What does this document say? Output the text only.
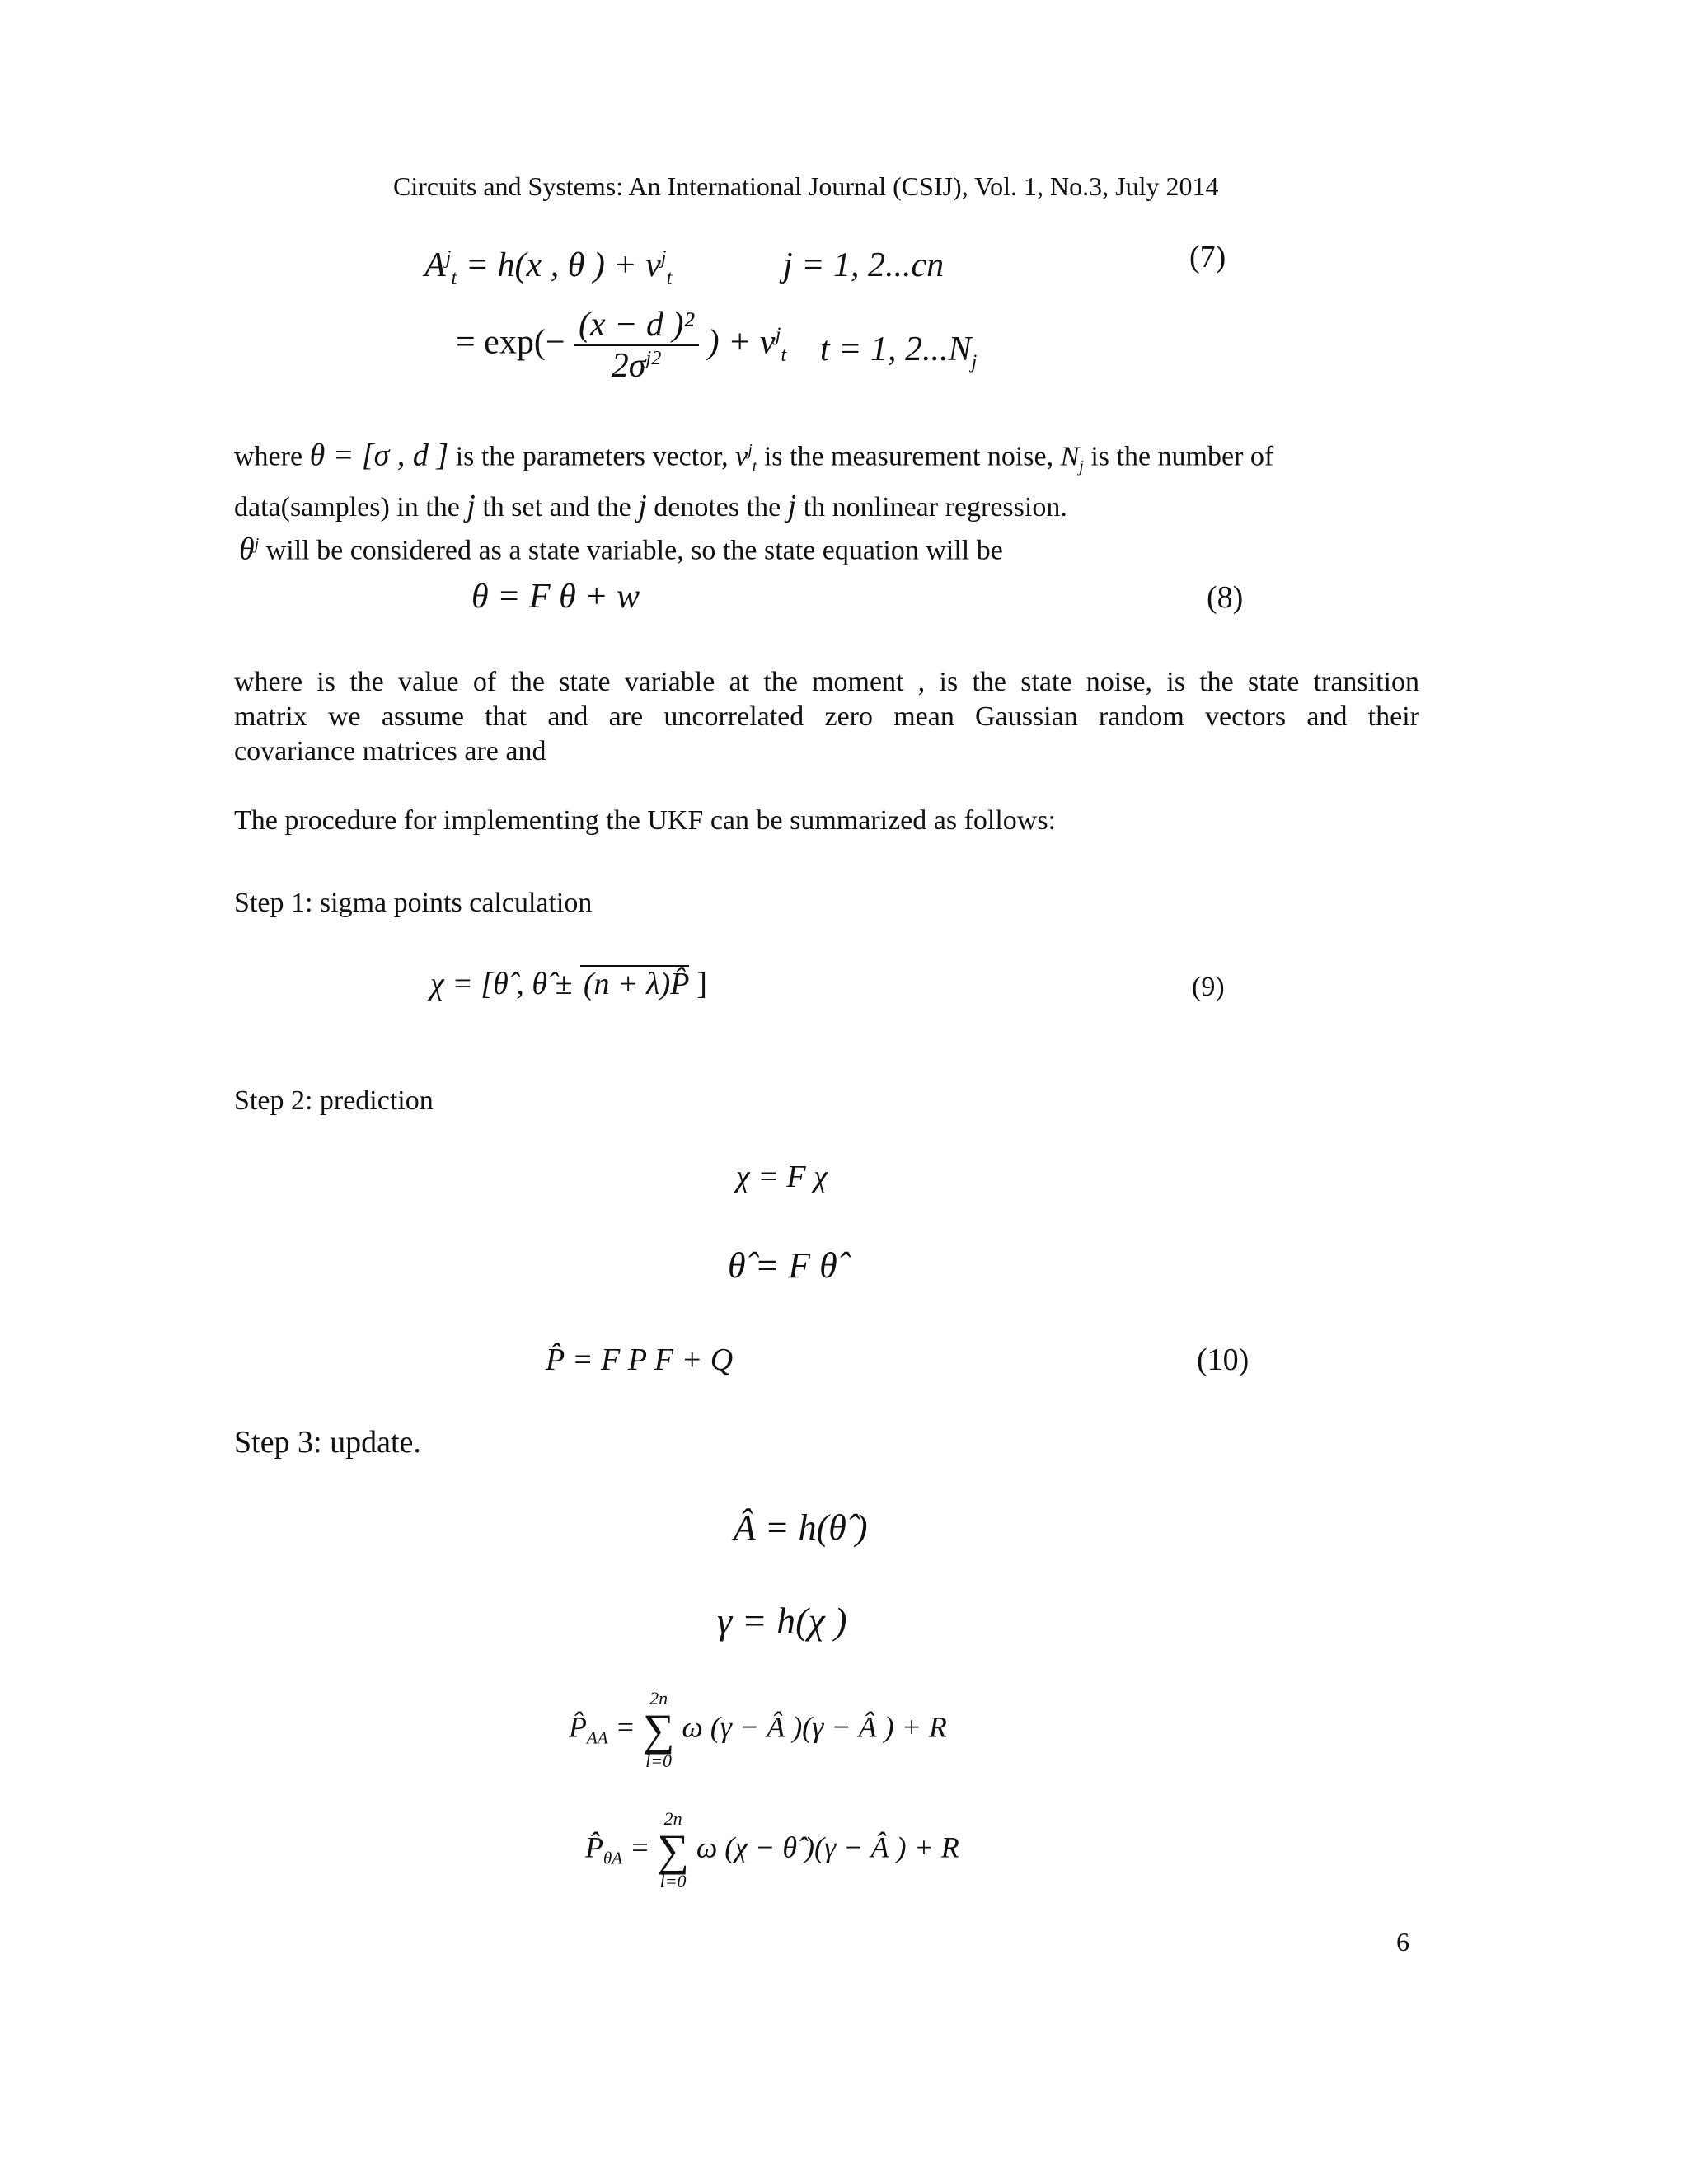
Circuits and Systems: An International Journal (CSIJ), Vol. 1, No.3, July 2014
$A^j_t = h(x$ , θ ) + $v^j_t$	j = 1, 2...cn	(7)
= $\exp(- \frac{\text{(x − d )²}}{2\sigma^{j2}}$ ) + $v^j_t$ t = 1, $2...N_j$
where θ = [σ , d ] is the parameters vector, $v^j_t$ is the measurement noise, $N_j$ is the number of
data(samples) in the j th set and the j denotes the j th nonlinear regression.
$\theta^j$ will be considered as a state variable, so the state equation will be
θ = F θ + w	(8)
where is the value of the state variable at the moment , is the state noise, is the state transition
matrix we assume that and are uncorrelated zero mean Gaussian random vectors and their
covariance matrices are and
The procedure for implementing the UKF can be summarized as follows:
Step 1: sigma points calculation
χ = [θ̂ , θ̂ ± (n + λ)P̂ ]	(9)
Step 2: prediction
χ = F χ
θ̂ = F θ̂
P̂ = F P F + Q	(10)
Step 3: update.
Â = h(θ̂ )
γ = h(χ )
$P̂_{AA}$ =
2n
∑
l=0
ω (γ − Â )(γ − Â ) + R
$P̂_{\theta A}$ =
2n
∑
l=0
ω (χ − θ̂ )(γ − Â ) + R
6
